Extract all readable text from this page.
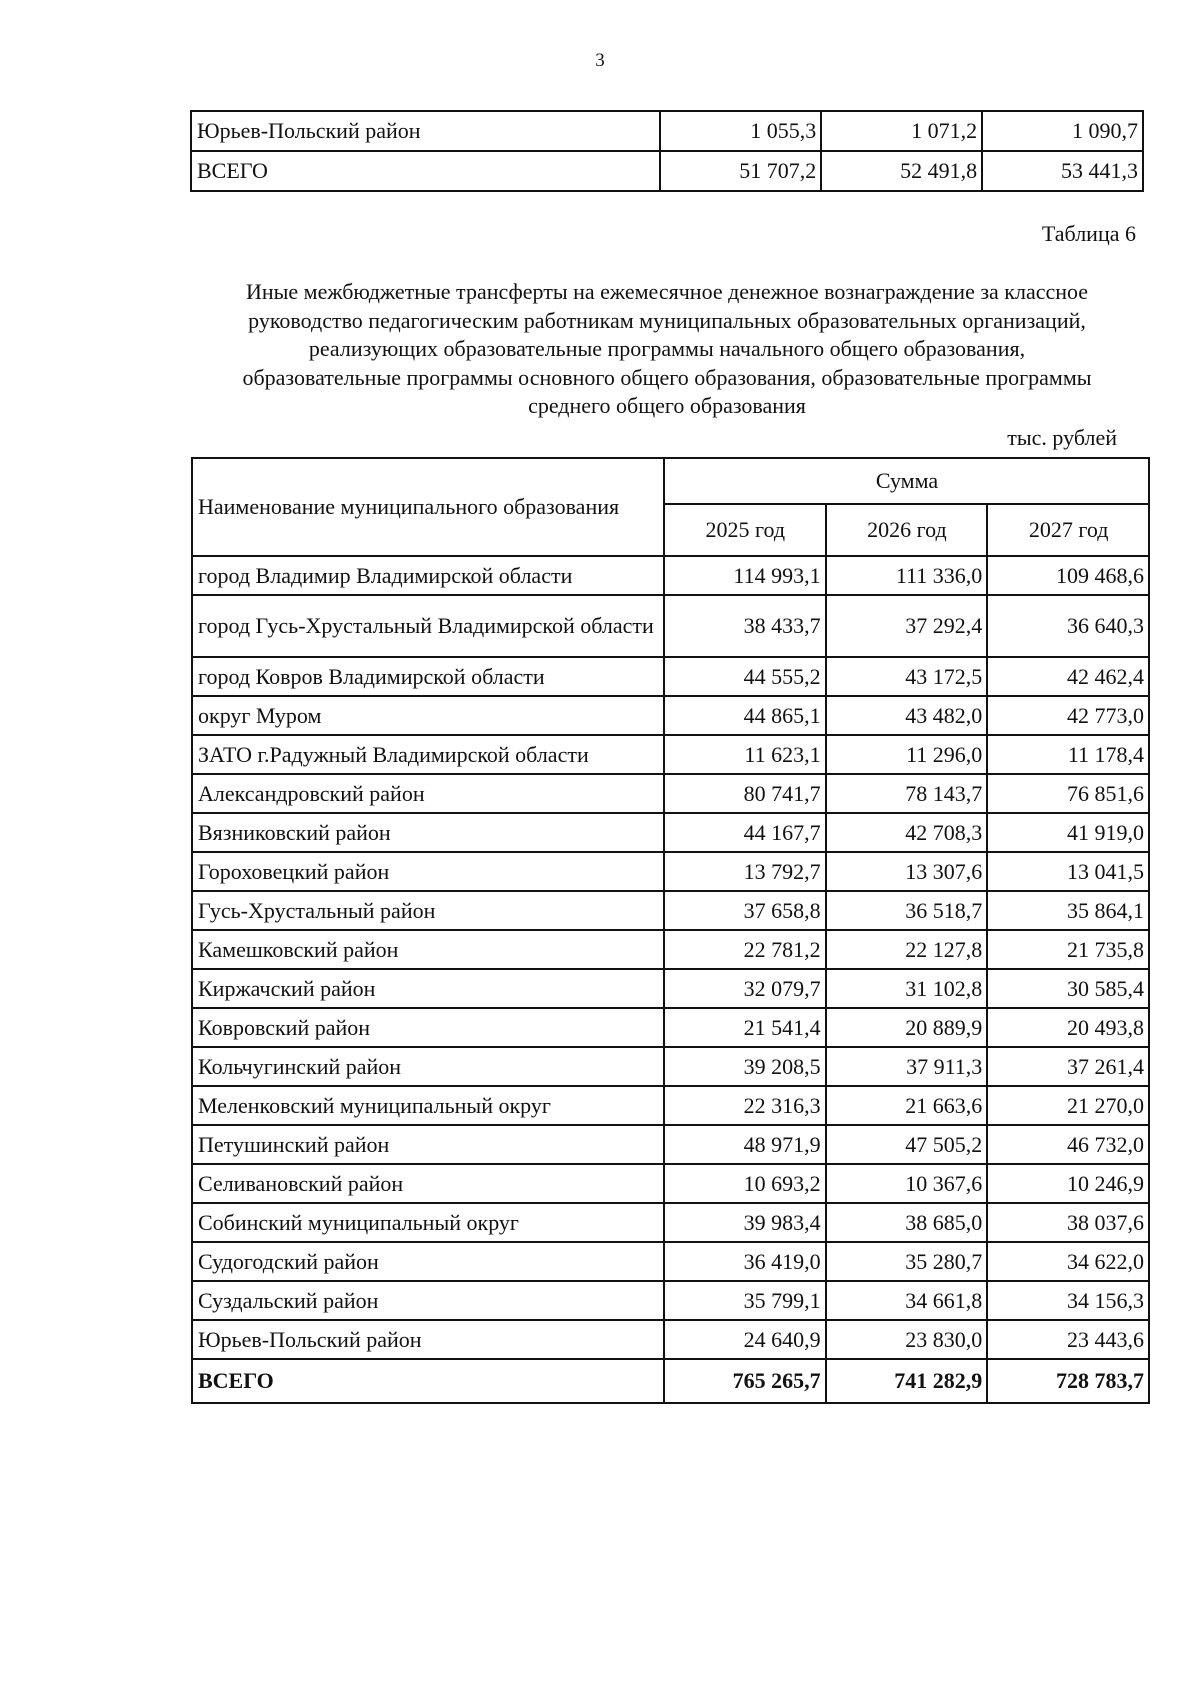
3
Юрьев-Польский район	1 055,3	1 071,2	1 090,7
ВСЕГО	51 707,2	52 491,8	53 441,3
Таблица 6
Иные межбюджетные трансферты на ежемесячное денежное вознаграждение за классное
руководство педагогическим работникам муниципальных образовательных организаций,
реализующих образовательные программы начального общего образования,
образовательные программы основного общего образования, образовательные программы
среднего общего образования
тыс. рублей
Наименование муниципального образования	Сумма		
	2025 год	2026 год	2027 год
город Владимир Владимирской области	114 993,1	111 336,0	109 468,6
город Гусь-Хрустальный Владимирской области	38 433,7	37 292,4	36 640,3
город Ковров Владимирской области	44 555,2	43 172,5	42 462,4
округ Муром	44 865,1	43 482,0	42 773,0
ЗАТО г.Радужный Владимирской области	11 623,1	11 296,0	11 178,4
Александровский район	80 741,7	78 143,7	76 851,6
Вязниковский район	44 167,7	42 708,3	41 919,0
Гороховецкий район	13 792,7	13 307,6	13 041,5
Гусь-Хрустальный район	37 658,8	36 518,7	35 864,1
Камешковский район	22 781,2	22 127,8	21 735,8
Киржачский район	32 079,7	31 102,8	30 585,4
Ковровский район	21 541,4	20 889,9	20 493,8
Кольчугинский район	39 208,5	37 911,3	37 261,4
Меленковский муниципальный округ	22 316,3	21 663,6	21 270,0
Петушинский район	48 971,9	47 505,2	46 732,0
Селивановский район	10 693,2	10 367,6	10 246,9
Собинский муниципальный округ	39 983,4	38 685,0	38 037,6
Судогодский район	36 419,0	35 280,7	34 622,0
Суздальский район	35 799,1	34 661,8	34 156,3
Юрьев-Польский район	24 640,9	23 830,0	23 443,6
ВСЕГО	765 265,7	741 282,9	728 783,7
